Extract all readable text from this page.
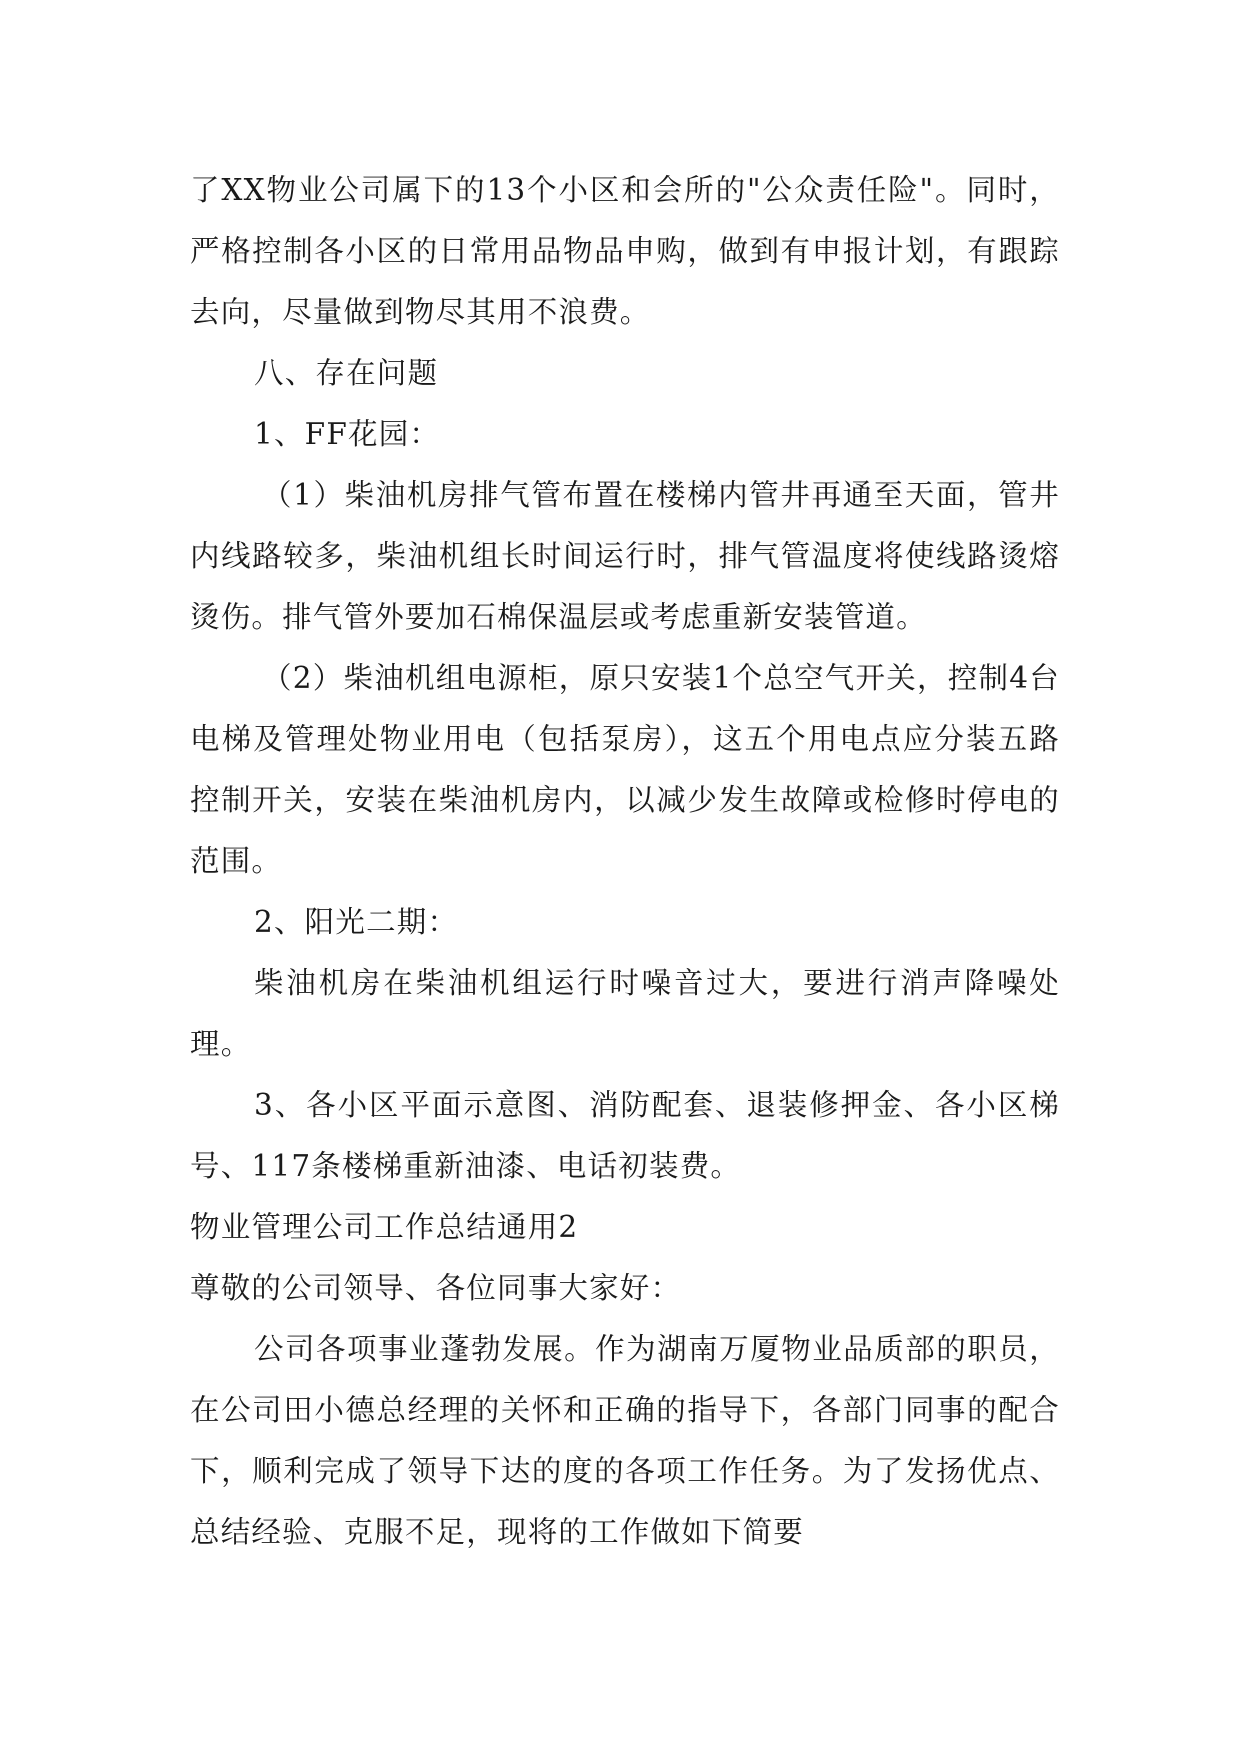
了XX物业公司属下的13个小区和会所的"公众责任险"。同时，严格控制各小区的日常用品物品申购，做到有申报计划，有跟踪去向，尽量做到物尽其用不浪费。

八、存在问题

1、FF花园：

（1）柴油机房排气管布置在楼梯内管井再通至天面，管井内线路较多，柴油机组长时间运行时，排气管温度将使线路烫熔烫伤。排气管外要加石棉保温层或考虑重新安装管道。

（2）柴油机组电源柜，原只安装1个总空气开关，控制4台电梯及管理处物业用电（包括泵房），这五个用电点应分装五路控制开关，安装在柴油机房内，以减少发生故障或检修时停电的范围。

2、阳光二期：

柴油机房在柴油机组运行时噪音过大，要进行消声降噪处理。

3、各小区平面示意图、消防配套、退装修押金、各小区梯号、117条楼梯重新油漆、电话初装费。

物业管理公司工作总结通用2

尊敬的公司领导、各位同事大家好：

公司各项事业蓬勃发展。作为湖南万厦物业品质部的职员，在公司田小德总经理的关怀和正确的指导下，各部门同事的配合下，顺利完成了领导下达的度的各项工作任务。为了发扬优点、总结经验、克服不足，现将的工作做如下简要
